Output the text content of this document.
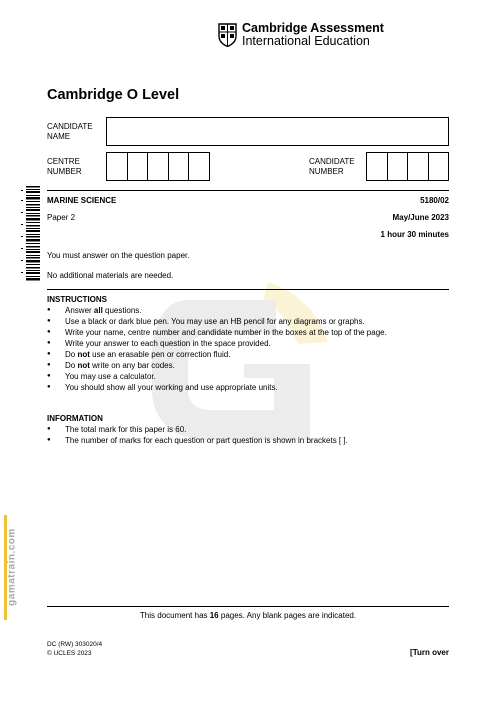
Cambridge Assessment
International Education
Cambridge O Level
CANDIDATE
NAME
CENTRE
NUMBER
CANDIDATE
NUMBER
MARINE SCIENCE	5180/02
Paper 2	May/June 2023
1 hour 30 minutes
You must answer on the question paper.
No additional materials are needed.
INSTRUCTIONS
● Answer all questions.
● Use a black or dark blue pen. You may use an HB pencil for any diagrams or graphs.
● Write your name, centre number and candidate number in the boxes at the top of the page.
● Write your answer to each question in the space provided.
● Do not use an erasable pen or correction fluid.
● Do not write on any bar codes.
● You may use a calculator.
● You should show all your working and use appropriate units.
INFORMATION
● The total mark for this paper is 60.
● The number of marks for each question or part question is shown in brackets [ ].
This document has 16 pages. Any blank pages are indicated.
DC (RW) 303020/4
© UCLES 2023	[Turn over
gamatrain.com
